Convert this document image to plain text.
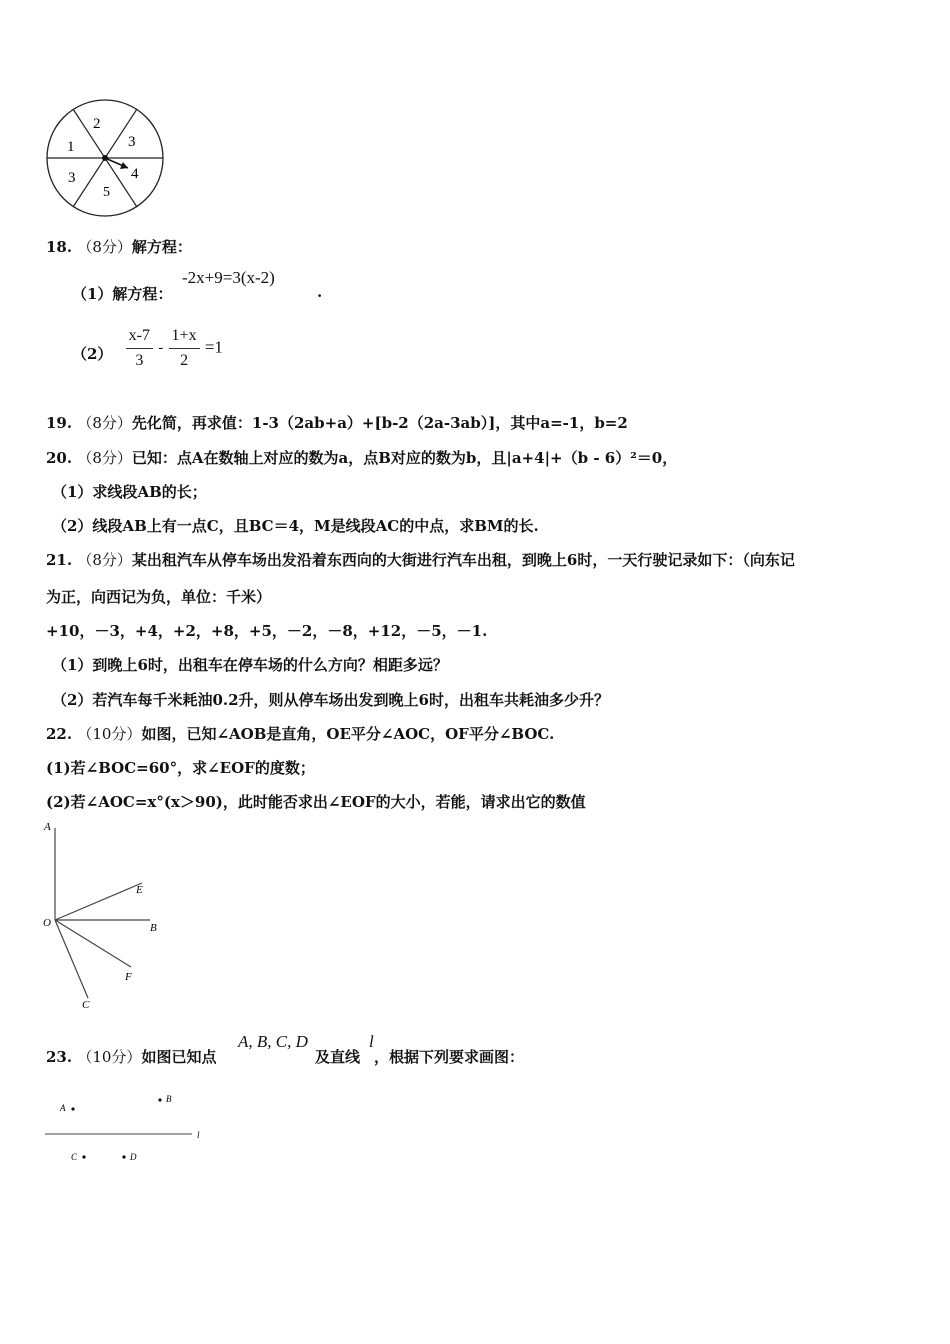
2
3
1
4
3
5
18. （8分）解方程：
（1）解方程：
-2x+9=3(x-2)
.
$(2) \frac{x-7}{3} - \frac{1+x}{2} =1$
19. （8分）先化简，再求值：1-3（2ab+a）+[b-2（2a-3ab）]，其中a=-1，b=2
20. （8分）已知：点A在数轴上对应的数为a，点B对应的数为b，且|a+4|+（b - 6）²＝0，
（1）求线段AB的长；
（2）线段AB上有一点C，且BC＝4，M是线段AC的中点，求BM的长.
21. （8分）某出租汽车从停车场出发沿着东西向的大街进行汽车出租，到晚上6时，一天行驶记录如下：（向东记
为正，向西记为负，单位：千米）
+10，－3，+4，+2，+8，+5，－2，－8，+12，－5，－1.
（1）到晚上6时，出租车在停车场的什么方向？相距多远？
（2）若汽车每千米耗油0.2升，则从停车场出发到晚上6时，出租车共耗油多少升？
22. （10分）如图，已知∠AOB是直角，OE平分∠AOC，OF平分∠BOC.
(1)若∠BOC=60°，求∠EOF的度数；
(2)若∠AOC=x°(x＞90)，此时能否求出∠EOF的大小，若能，请求出它的数值
A
E
O	B
F
C
23. （10分）如图已知点
A, B, C, D
及直线
l
，根据下列要求画图：
A
B
l
C	D
